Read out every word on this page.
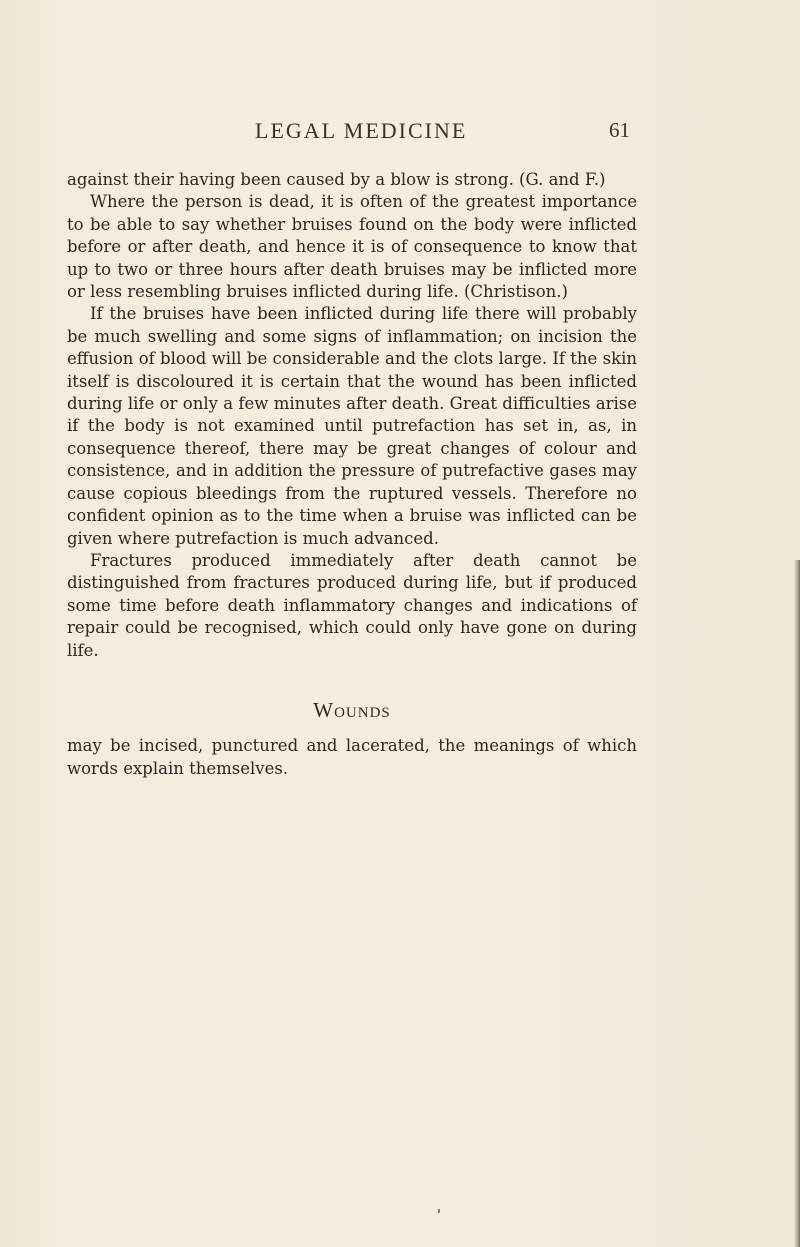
LEGAL MEDICINE	61

against their having been caused by a blow is strong. (G. and F.)

Where the person is dead, it is often of the greatest importance to be able to say whether bruises found on the body were inflicted before or after death, and hence it is of consequence to know that up to two or three hours after death bruises may be inflicted more or less resembling bruises inflicted during life. (Christison.)

If the bruises have been inflicted during life there will probably be much swelling and some signs of inflammation; on incision the effusion of blood will be considerable and the clots large. If the skin itself is discoloured it is certain that the wound has been inflicted during life or only a few minutes after death. Great difficulties arise if the body is not examined until putrefaction has set in, as, in consequence thereof, there may be great changes of colour and consistence, and in addition the pressure of putrefactive gases may cause copious bleedings from the ruptured vessels. Therefore no confident opinion as to the time when a bruise was inflicted can be given where putrefaction is much advanced.

Fractures produced immediately after death cannot be distinguished from fractures produced during life, but if produced some time before death inflammatory changes and indications of repair could be recognised, which could only have gone on during life.

Wounds

may be incised, punctured and lacerated, the meanings of which words explain themselves.
